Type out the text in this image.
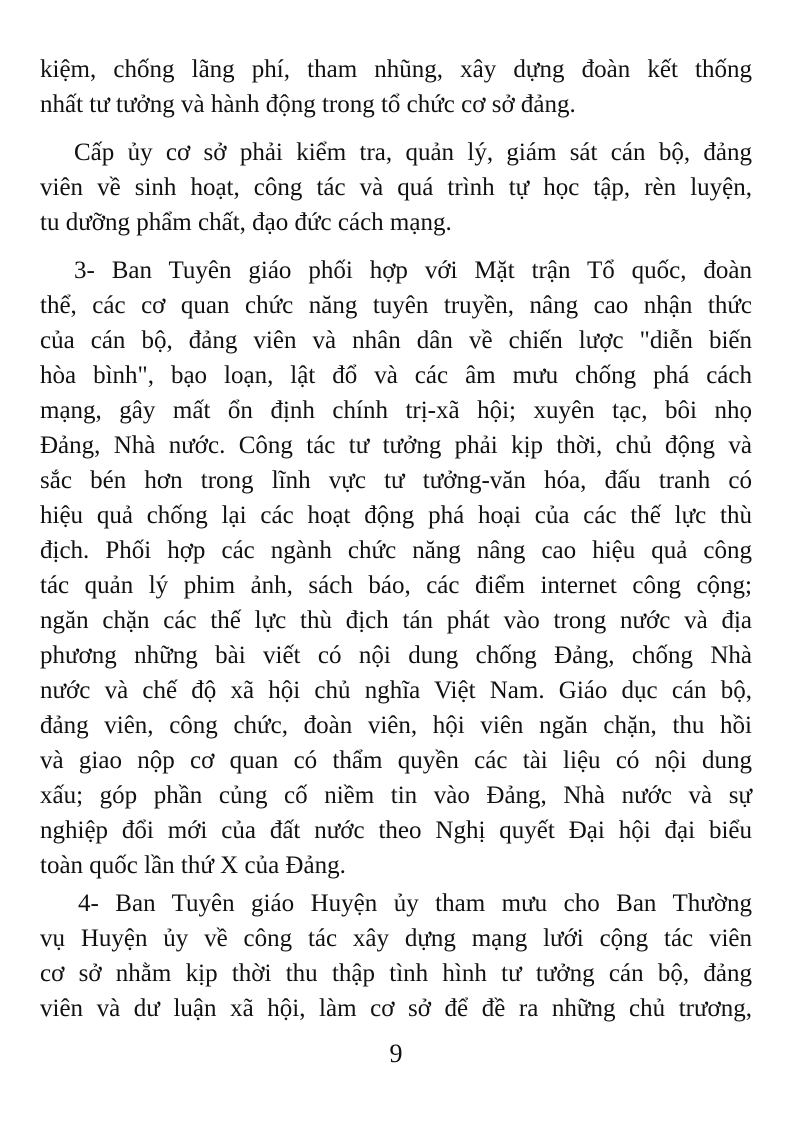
kiệm, chống lãng phí, tham nhũng, xây dựng đoàn kết thống
nhất tư tưởng và hành động trong tổ chức cơ sở đảng.
Cấp ủy cơ sở phải kiểm tra, quản lý, giám sát cán bộ, đảng
viên về sinh hoạt, công tác và quá trình tự học tập, rèn luyện,
tu dưỡng phẩm chất, đạo đức cách mạng.
3- Ban Tuyên giáo phối hợp với Mặt trận Tổ quốc, đoàn
thể, các cơ quan chức năng tuyên truyền, nâng cao nhận thức
của cán bộ, đảng viên và nhân dân về chiến lược "diễn biến
hòa bình", bạo loạn, lật đổ và các âm mưu chống phá cách
mạng, gây mất ổn định chính trị-xã hội; xuyên tạc, bôi nhọ
Đảng, Nhà nước. Công tác tư tưởng phải kịp thời, chủ động và
sắc bén hơn trong lĩnh vực tư tưởng-văn hóa, đấu tranh có
hiệu quả chống lại các hoạt động phá hoại của các thế lực thù
địch. Phối hợp các ngành chức năng nâng cao hiệu quả công
tác quản lý phim ảnh, sách báo, các điểm internet công cộng;
ngăn chặn các thế lực thù địch tán phát vào trong nước và địa
phương những bài viết có nội dung chống Đảng, chống Nhà
nước và chế độ xã hội chủ nghĩa Việt Nam. Giáo dục cán bộ,
đảng viên, công chức, đoàn viên, hội viên ngăn chặn, thu hồi
và giao nộp cơ quan có thẩm quyền các tài liệu có nội dung
xấu; góp phần củng cố niềm tin vào Đảng, Nhà nước và sự
nghiệp đổi mới của đất nước theo Nghị quyết Đại hội đại biểu
toàn quốc lần thứ X của Đảng.
4- Ban Tuyên giáo Huyện ủy tham mưu cho Ban Thường
vụ Huyện ủy về công tác xây dựng mạng lưới cộng tác viên
cơ sở nhằm kịp thời thu thập tình hình tư tưởng cán bộ, đảng
viên và dư luận xã hội, làm cơ sở để đề ra những chủ trương,
9
